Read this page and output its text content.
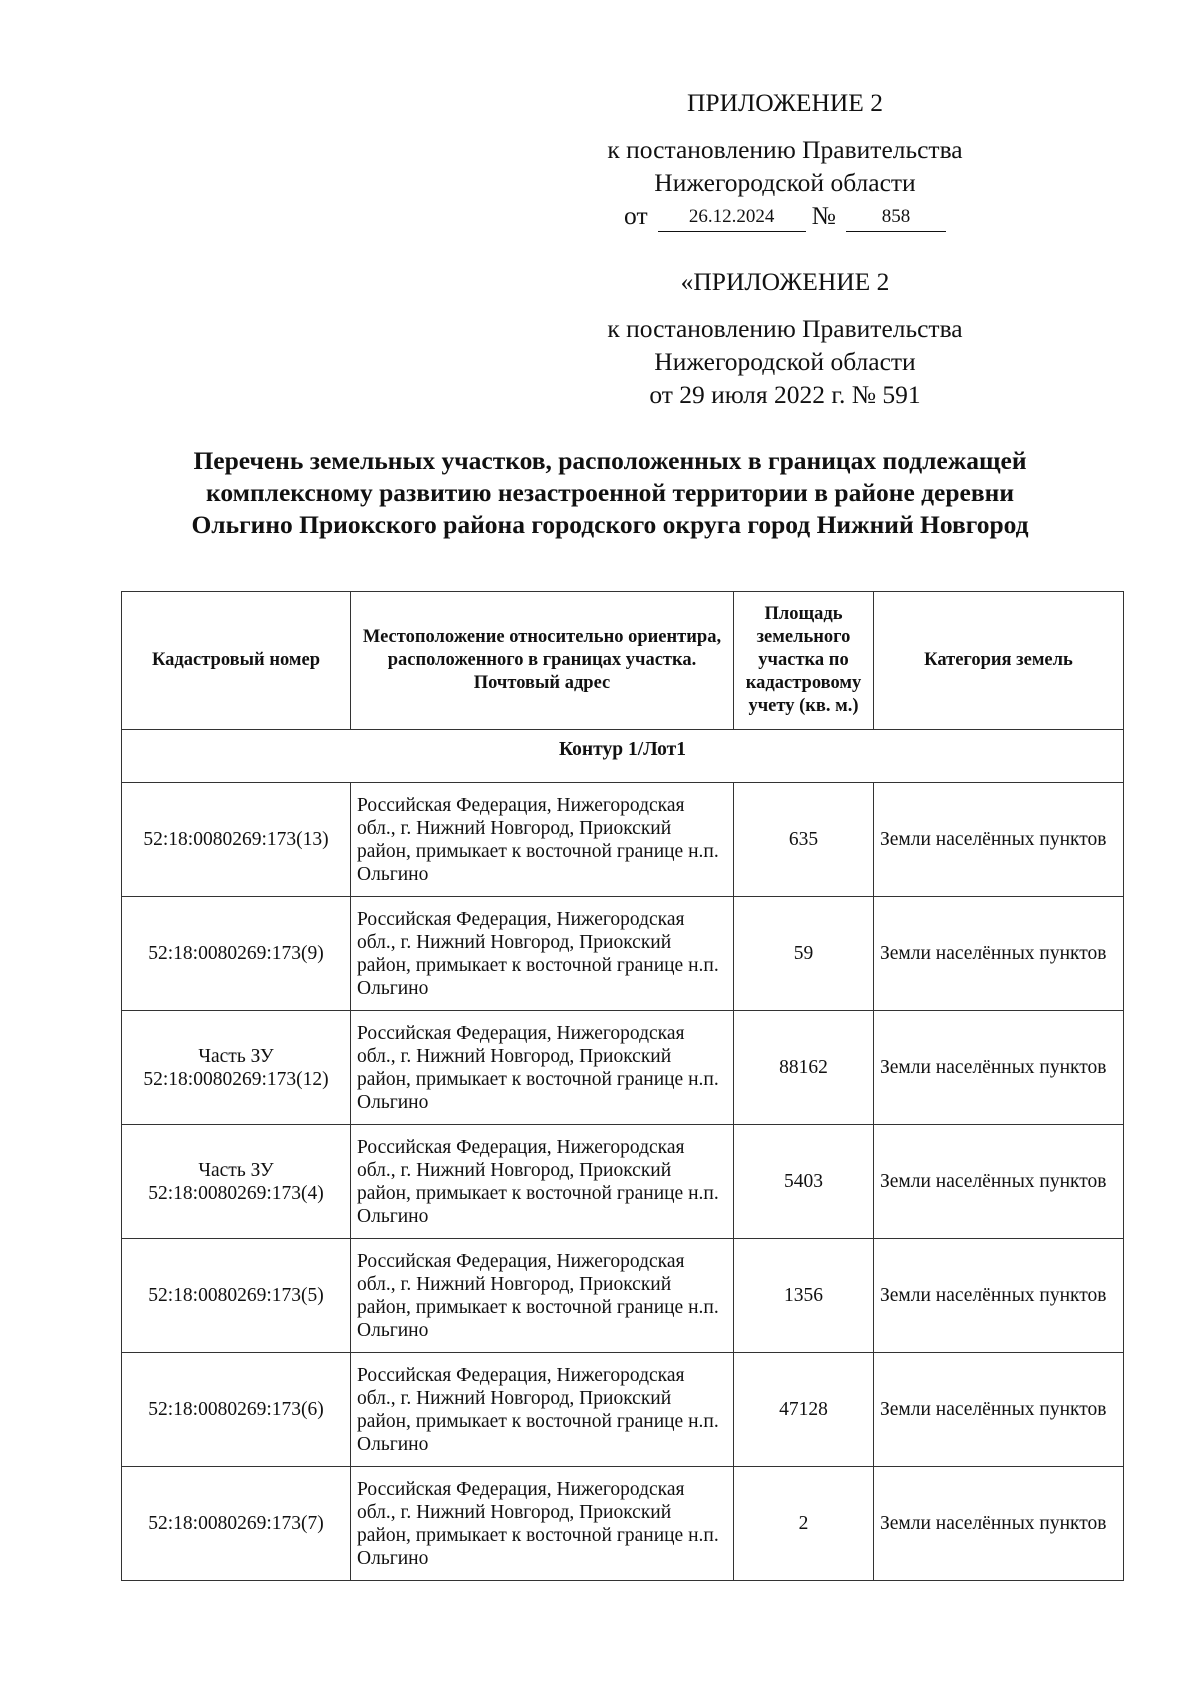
ПРИЛОЖЕНИЕ 2
к постановлению Правительства
Нижегородской области
от	26.12.2024	№	858
«ПРИЛОЖЕНИЕ 2
к постановлению Правительства
Нижегородской области
от 29 июля 2022 г. № 591
Перечень земельных участков, расположенных в границах подлежащей
комплексному развитию незастроенной территории в районе деревни
Ольгино Приокского района городского округа город Нижний Новгород
Кадастровый номер	Местоположение относительно ориентира, расположенного в границах участка. Почтовый адрес	Площадь земельного участка по кадастровому учету (кв. м.)	Категория земель
Контур 1/Лот1			
52:18:0080269:173(13)	Российская Федерация, Нижегородская обл., г. Нижний Новгород, Приокский район, примыкает к восточной границе н.п. Ольгино	635	Земли населённых пунктов
52:18:0080269:173(9)	Российская Федерация, Нижегородская обл., г. Нижний Новгород, Приокский район, примыкает к восточной границе н.п. Ольгино	59	Земли населённых пунктов
Часть ЗУ
52:18:0080269:173(12)	Российская Федерация, Нижегородская обл., г. Нижний Новгород, Приокский район, примыкает к восточной границе н.п. Ольгино	88162	Земли населённых пунктов
Часть ЗУ
52:18:0080269:173(4)	Российская Федерация, Нижегородская обл., г. Нижний Новгород, Приокский район, примыкает к восточной границе н.п. Ольгино	5403	Земли населённых пунктов
52:18:0080269:173(5)	Российская Федерация, Нижегородская обл., г. Нижний Новгород, Приокский район, примыкает к восточной границе н.п. Ольгино	1356	Земли населённых пунктов
52:18:0080269:173(6)	Российская Федерация, Нижегородская обл., г. Нижний Новгород, Приокский район, примыкает к восточной границе н.п. Ольгино	47128	Земли населённых пунктов
52:18:0080269:173(7)	Российская Федерация, Нижегородская обл., г. Нижний Новгород, Приокский район, примыкает к восточной границе н.п. Ольгино	2	Земли населённых пунктов
